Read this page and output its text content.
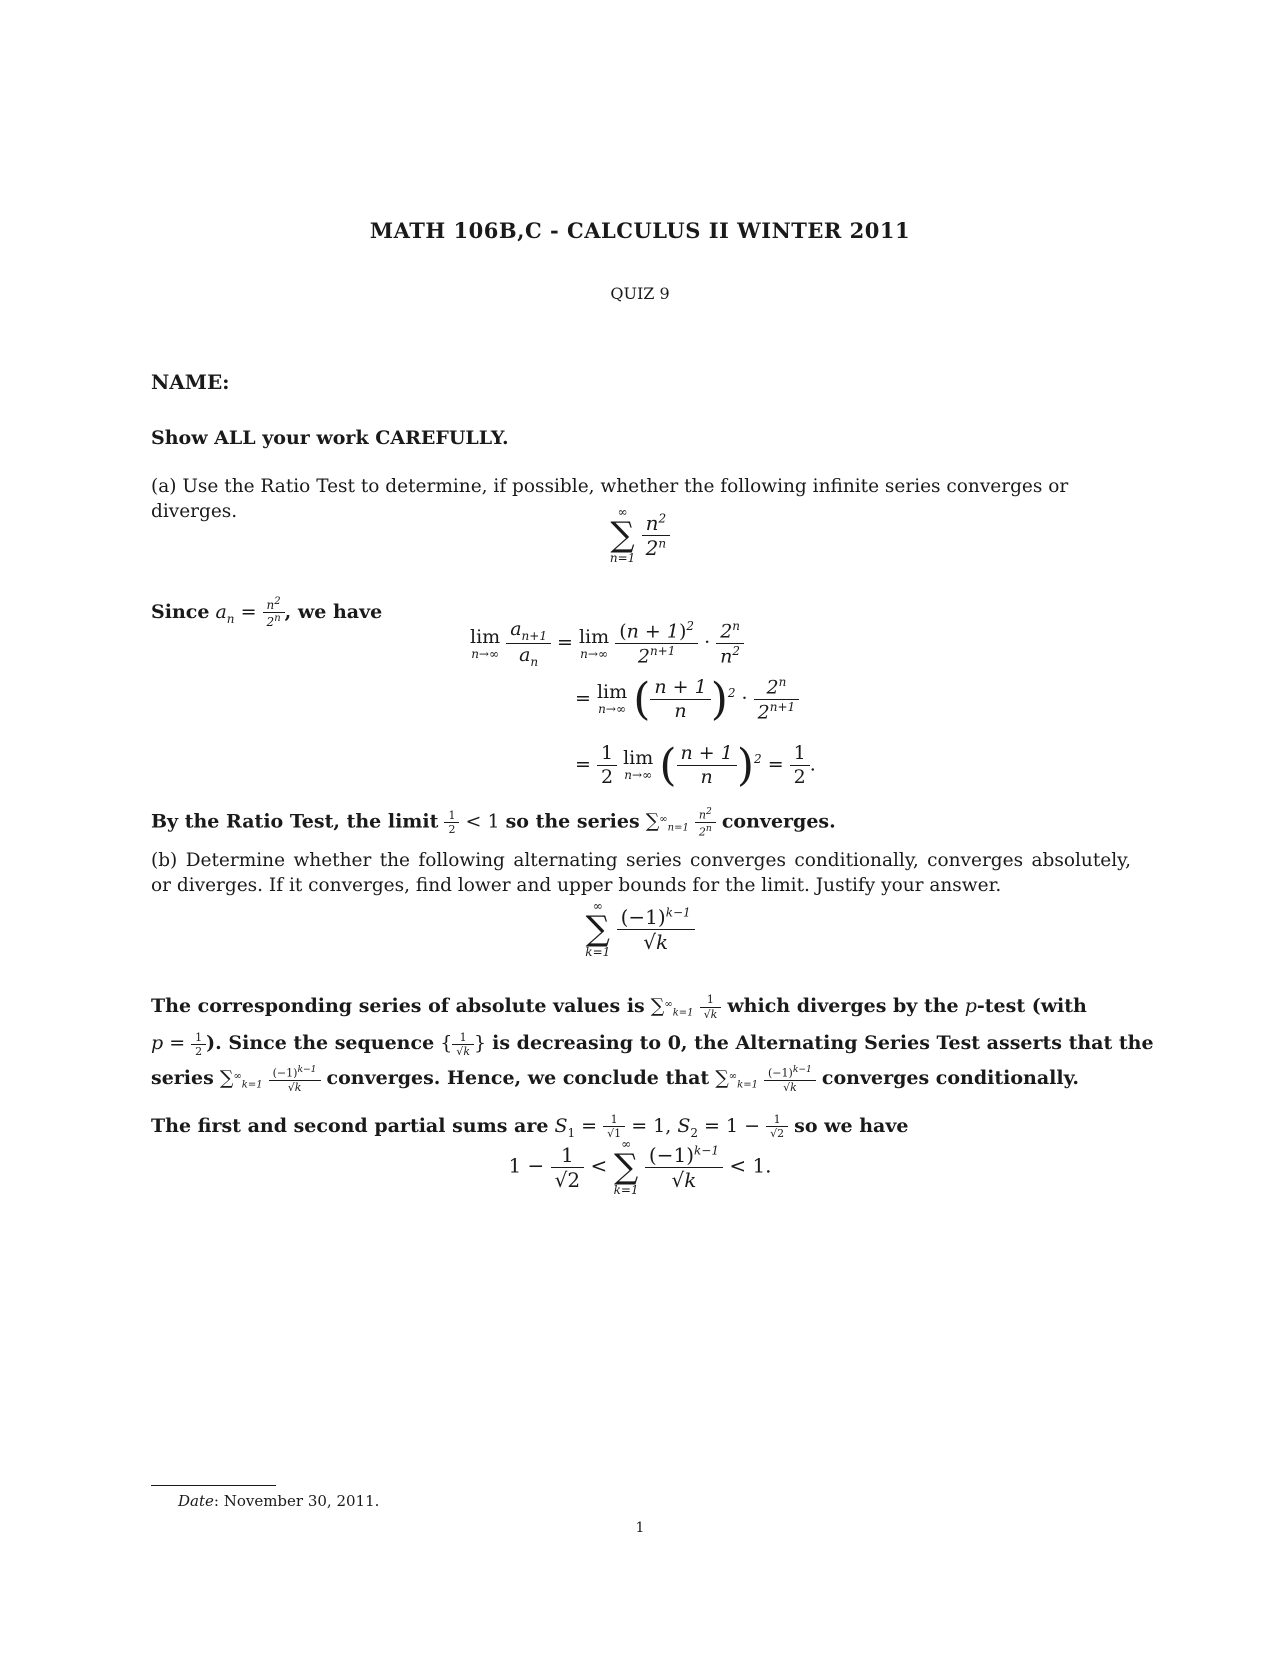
MATH 106B,C - CALCULUS II WINTER 2011
QUIZ 9
NAME:
Show ALL your work CAREFULLY.
(a) Use the Ratio Test to determine, if possible, whether the following infinite series converges or diverges.	∞
∑
n=1
$\frac{n^2}{2^n}$
Since $a_n = \frac{n^2}{2^n}$ , we have
lim
n→∞
$\frac{a_{n+1}}{a_n} = \lim$
n→∞
$\frac{(n + 1)^2}{2^{n+1}} \cdot \frac{2^n}{n^2}$
= lim
n→∞ ( $\frac{n + 1}{n} )^2 \cdot \frac{2^n}{2^{n+1}}$
= $\frac{1}{2}$ lim
n→∞ ( $\frac{n + 1}{n} )^2 = \frac{1}{2}$ .
By the Ratio Test, the limit $\frac{1}{2} < 1$ so the series $\sum^\infty_{n=1} \frac{n^2}{2^n}$ converges.
(b) Determine whether the following alternating series converges conditionally, converges absolutely, or diverges. If it converges, find lower and upper bounds for the limit. Justify your answer.
∞
∑
k=1
$\frac{(-1)^{k-1}}{√k}$
The corresponding series of absolute values is $\sum^\infty_{k=1} \frac{1}{√k}$ which diverges by the p-test (with
$p = \frac{1}{2}$ ). Since the sequence { $\frac{1}{√k}$ } is decreasing to 0, the Alternating Series Test asserts that the
series $\sum^\infty_{k=1} \frac{(-1)^{k-1}}{√k}$ converges. Hence, we conclude that $\sum^\infty_{k=1} \frac{(-1)^{k-1}}{√k}$ converges conditionally.
The first and second partial sums are $S_1 = \frac{1}{√1} = 1$, $S_2 = 1 - \frac{1}{√2}$ so we have
$1 - \frac{1}{√2}$ <
∞
∑
k=1
$\frac{(-1)^{k-1}}{√k} < 1$.
Date: November 30, 2011.
1
